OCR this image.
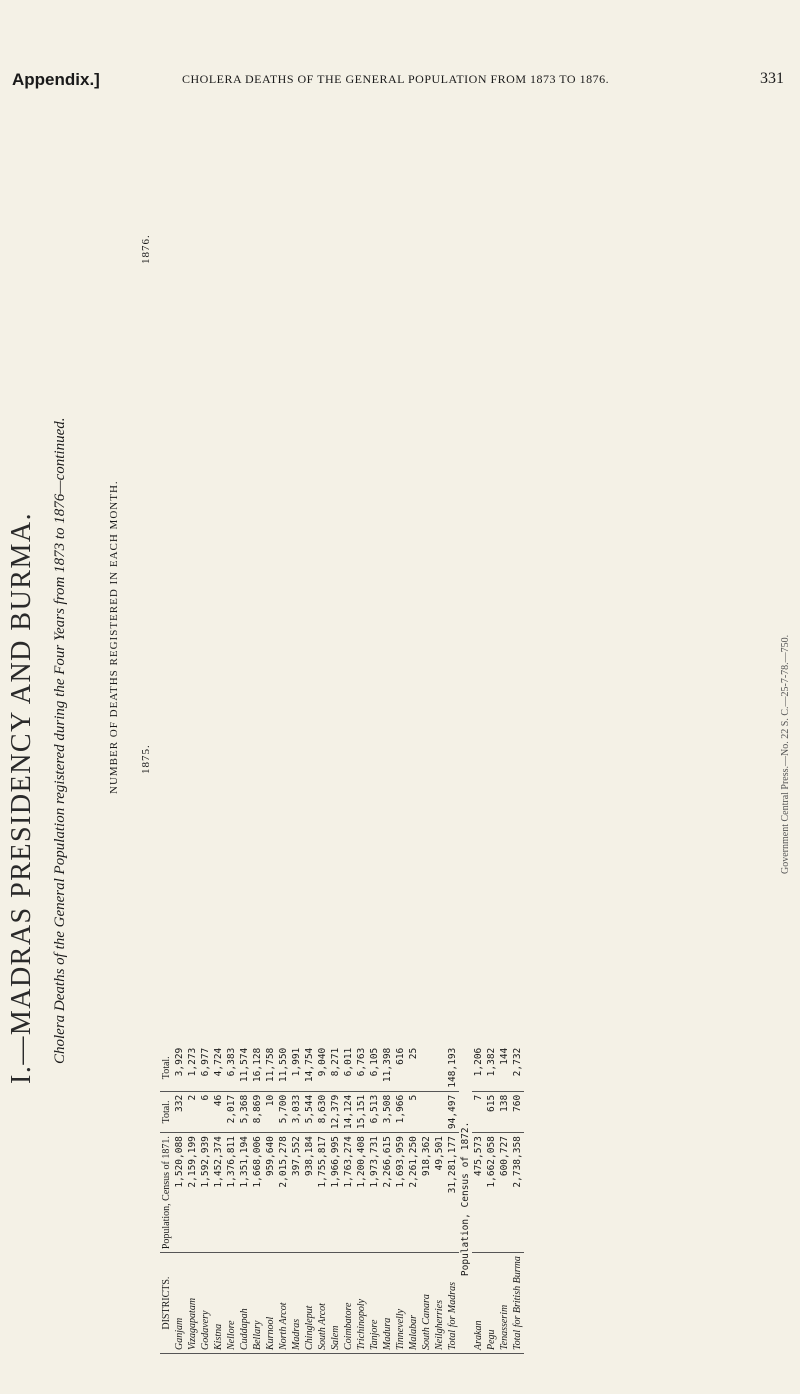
Appendix.]	CHOLERA DEATHS OF THE GENERAL POPULATION FROM 1873 TO 1876.	331
I.—MADRAS PRESIDENCY AND BURMA. Cholera Deaths of the General Population registered during the Four Years from 1873 to 1876—continued.	NUMBER OF DEATHS REGISTERED IN EACH MONTH. 1875.
1876.
DISTRICTS.	Population, Census of 1871.	Total.	Total.
Ganjam	1,520,088	332	3,929
Vizagapatam	2,159,199	2	1,273
Godavery	1,592,939	6	6,977
Kistna	1,452,374	46	4,724
Nellore	1,376,811	2,017	6,383
Cuddapah	1,351,194	5,368	11,574
Bellary	1,668,006	8,869	16,128
Kurnool	959,640	10	11,758
North Arcot	2,015,278	5,700	11,550
Madras	397,552	3,033	1,991
Chingleput	938,184	5,544	14,754
South Arcot	1,755,817	8,630	9,040
Salem	1,966,995	12,379	8,271
Coimbatore	1,763,274	14,124	6,011
Trichinopoly	1,200,408	15,151	6,763
Tanjore	1,973,731	6,513	6,105
Madura	2,266,615	3,508	11,398
Tinnevelly	1,693,959	1,966	616
Malabar	2,261,250	5	25
South Canara	918,362		
Neilgherries	49,501		
Total for Madras	31,281,177	94,497	148,193
Population, Census of 1872.			
Arakan	475,573	7	1,206
Pegu	1,662,058	615	1,382
Tenasserim	600,727	138	144
Total for British Burma	2,738,358	760	2,732
Government Central Press.—No. 22 S. C.—25-7-78.—750.
